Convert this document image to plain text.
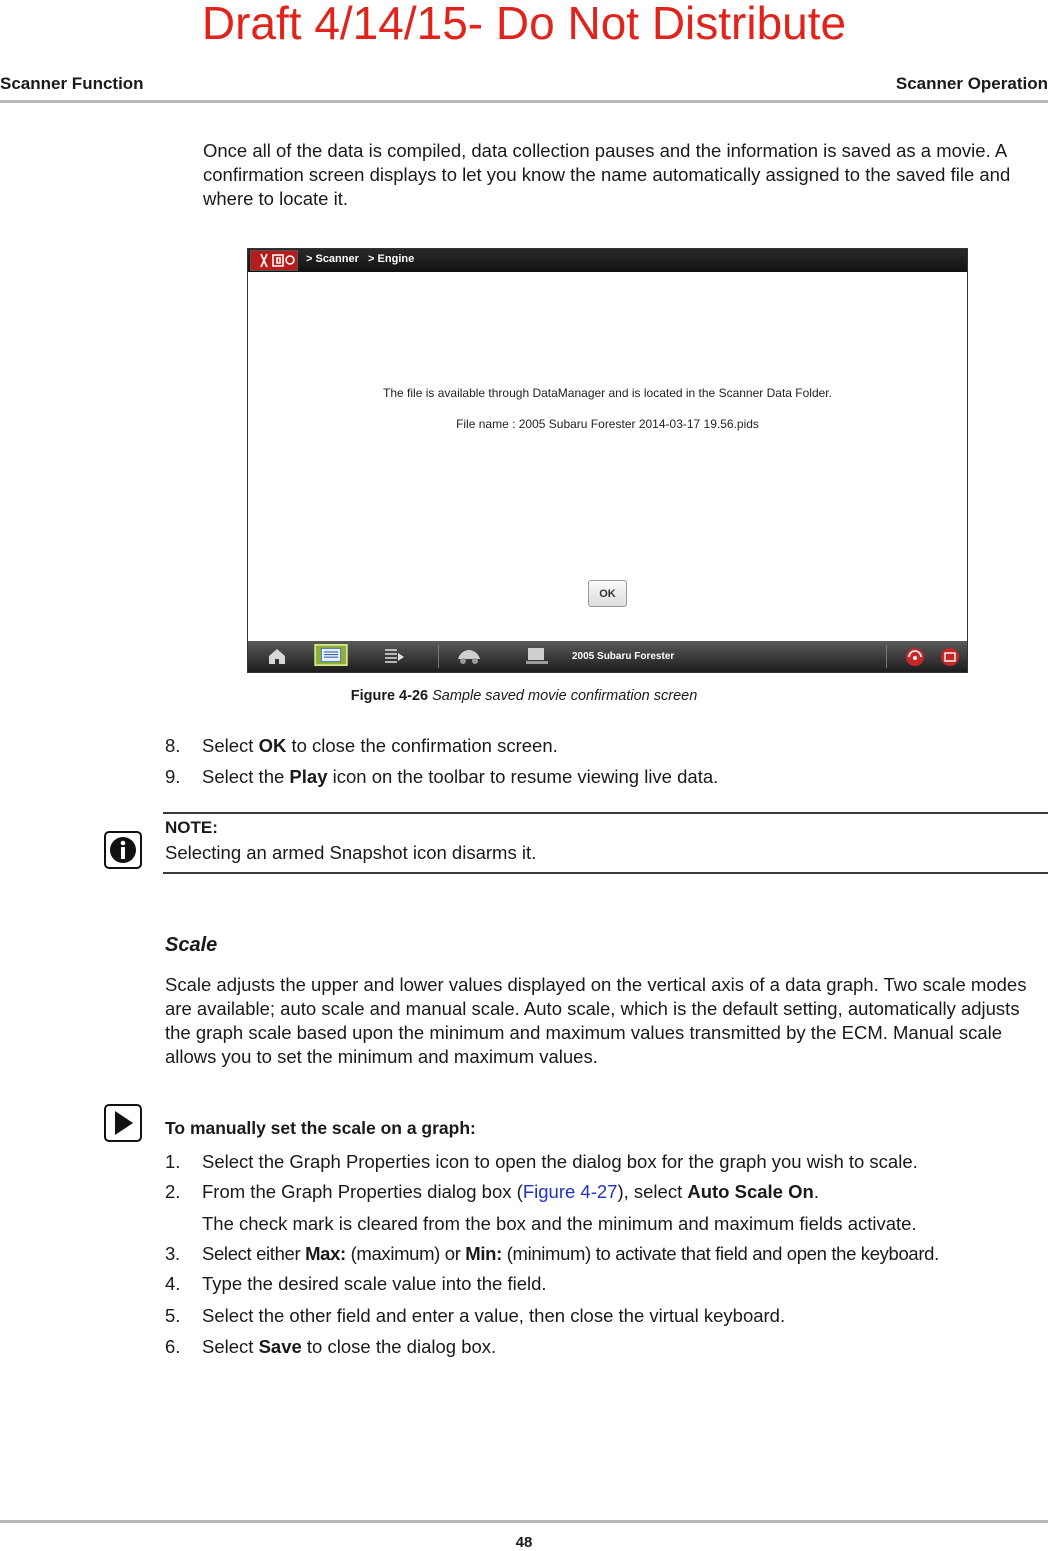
Draft 4/14/15- Do Not Distribute
Scanner Function	Scanner Operation
Once all of the data is compiled, data collection pauses and the information is saved as a movie. A confirmation screen displays to let you know the name automatically assigned to the saved file and where to locate it.
> Scanner   > Engine
The file is available through DataManager and is located in the Scanner Data Folder.
File name : 2005 Subaru Forester 2014-03-17 19.56.pids
OK
2005 Subaru Forester
Figure 4-26 Sample saved movie confirmation screen
8. Select OK to close the confirmation screen.
9. Select the Play icon on the toolbar to resume viewing live data.
NOTE:
Selecting an armed Snapshot icon disarms it.
Scale
Scale adjusts the upper and lower values displayed on the vertical axis of a data graph. Two scale modes are available; auto scale and manual scale. Auto scale, which is the default setting, automatically adjusts the graph scale based upon the minimum and maximum values transmitted by the ECM. Manual scale allows you to set the minimum and maximum values.
To manually set the scale on a graph:
1. Select the Graph Properties icon to open the dialog box for the graph you wish to scale.
2. From the Graph Properties dialog box (Figure 4-27), select Auto Scale On.
The check mark is cleared from the box and the minimum and maximum fields activate.
3. Select either Max: (maximum) or Min: (minimum) to activate that field and open the keyboard.
4. Type the desired scale value into the field.
5. Select the other field and enter a value, then close the virtual keyboard.
6. Select Save to close the dialog box.
48
